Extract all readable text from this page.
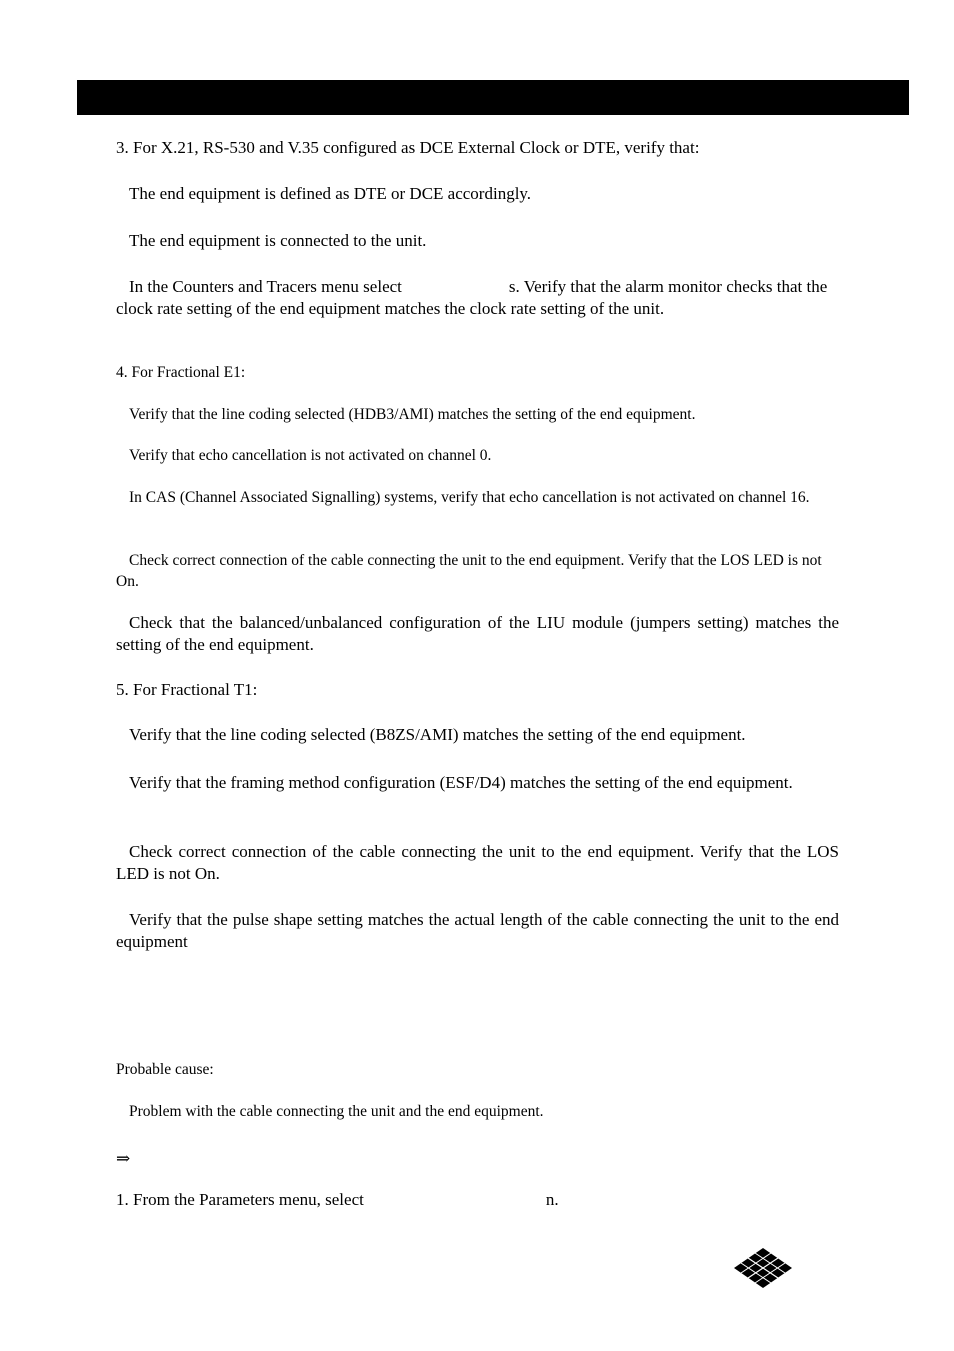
3. For X.21, RS-530 and V.35 configured as DCE External Clock or DTE, verify that:

The end equipment is defined as DTE or DCE accordingly.

The end equipment is connected to the unit.

In the Counters and Tracers menu select	s. Verify that the alarm monitor checks that the clock rate setting of the end equipment matches the clock rate setting of the unit.

4. For Fractional E1:

Verify that the line coding selected (HDB3/AMI) matches the setting of the end equipment.

Verify that echo cancellation is not activated on channel 0.

In CAS (Channel Associated Signalling) systems, verify that echo cancellation is not activated on channel 16.

Check correct connection of the cable connecting the unit to the end equipment. Verify that the LOS LED is not On.

Check that the balanced/unbalanced configuration of the LIU module (jumpers setting) matches the setting of the end equipment.

5. For Fractional T1:

Verify that the line coding selected (B8ZS/AMI) matches the setting of the end equipment.

Verify that the framing method configuration (ESF/D4) matches the setting of the end equipment.

Check correct connection of the cable connecting the unit to the end equipment. Verify that the LOS LED is not On.

Verify that the pulse shape setting matches the actual length of the cable connecting the unit to the end equipment

Probable cause:

Problem with the cable connecting the unit and the end equipment.

⇒

1. From the Parameters menu, select	n.
